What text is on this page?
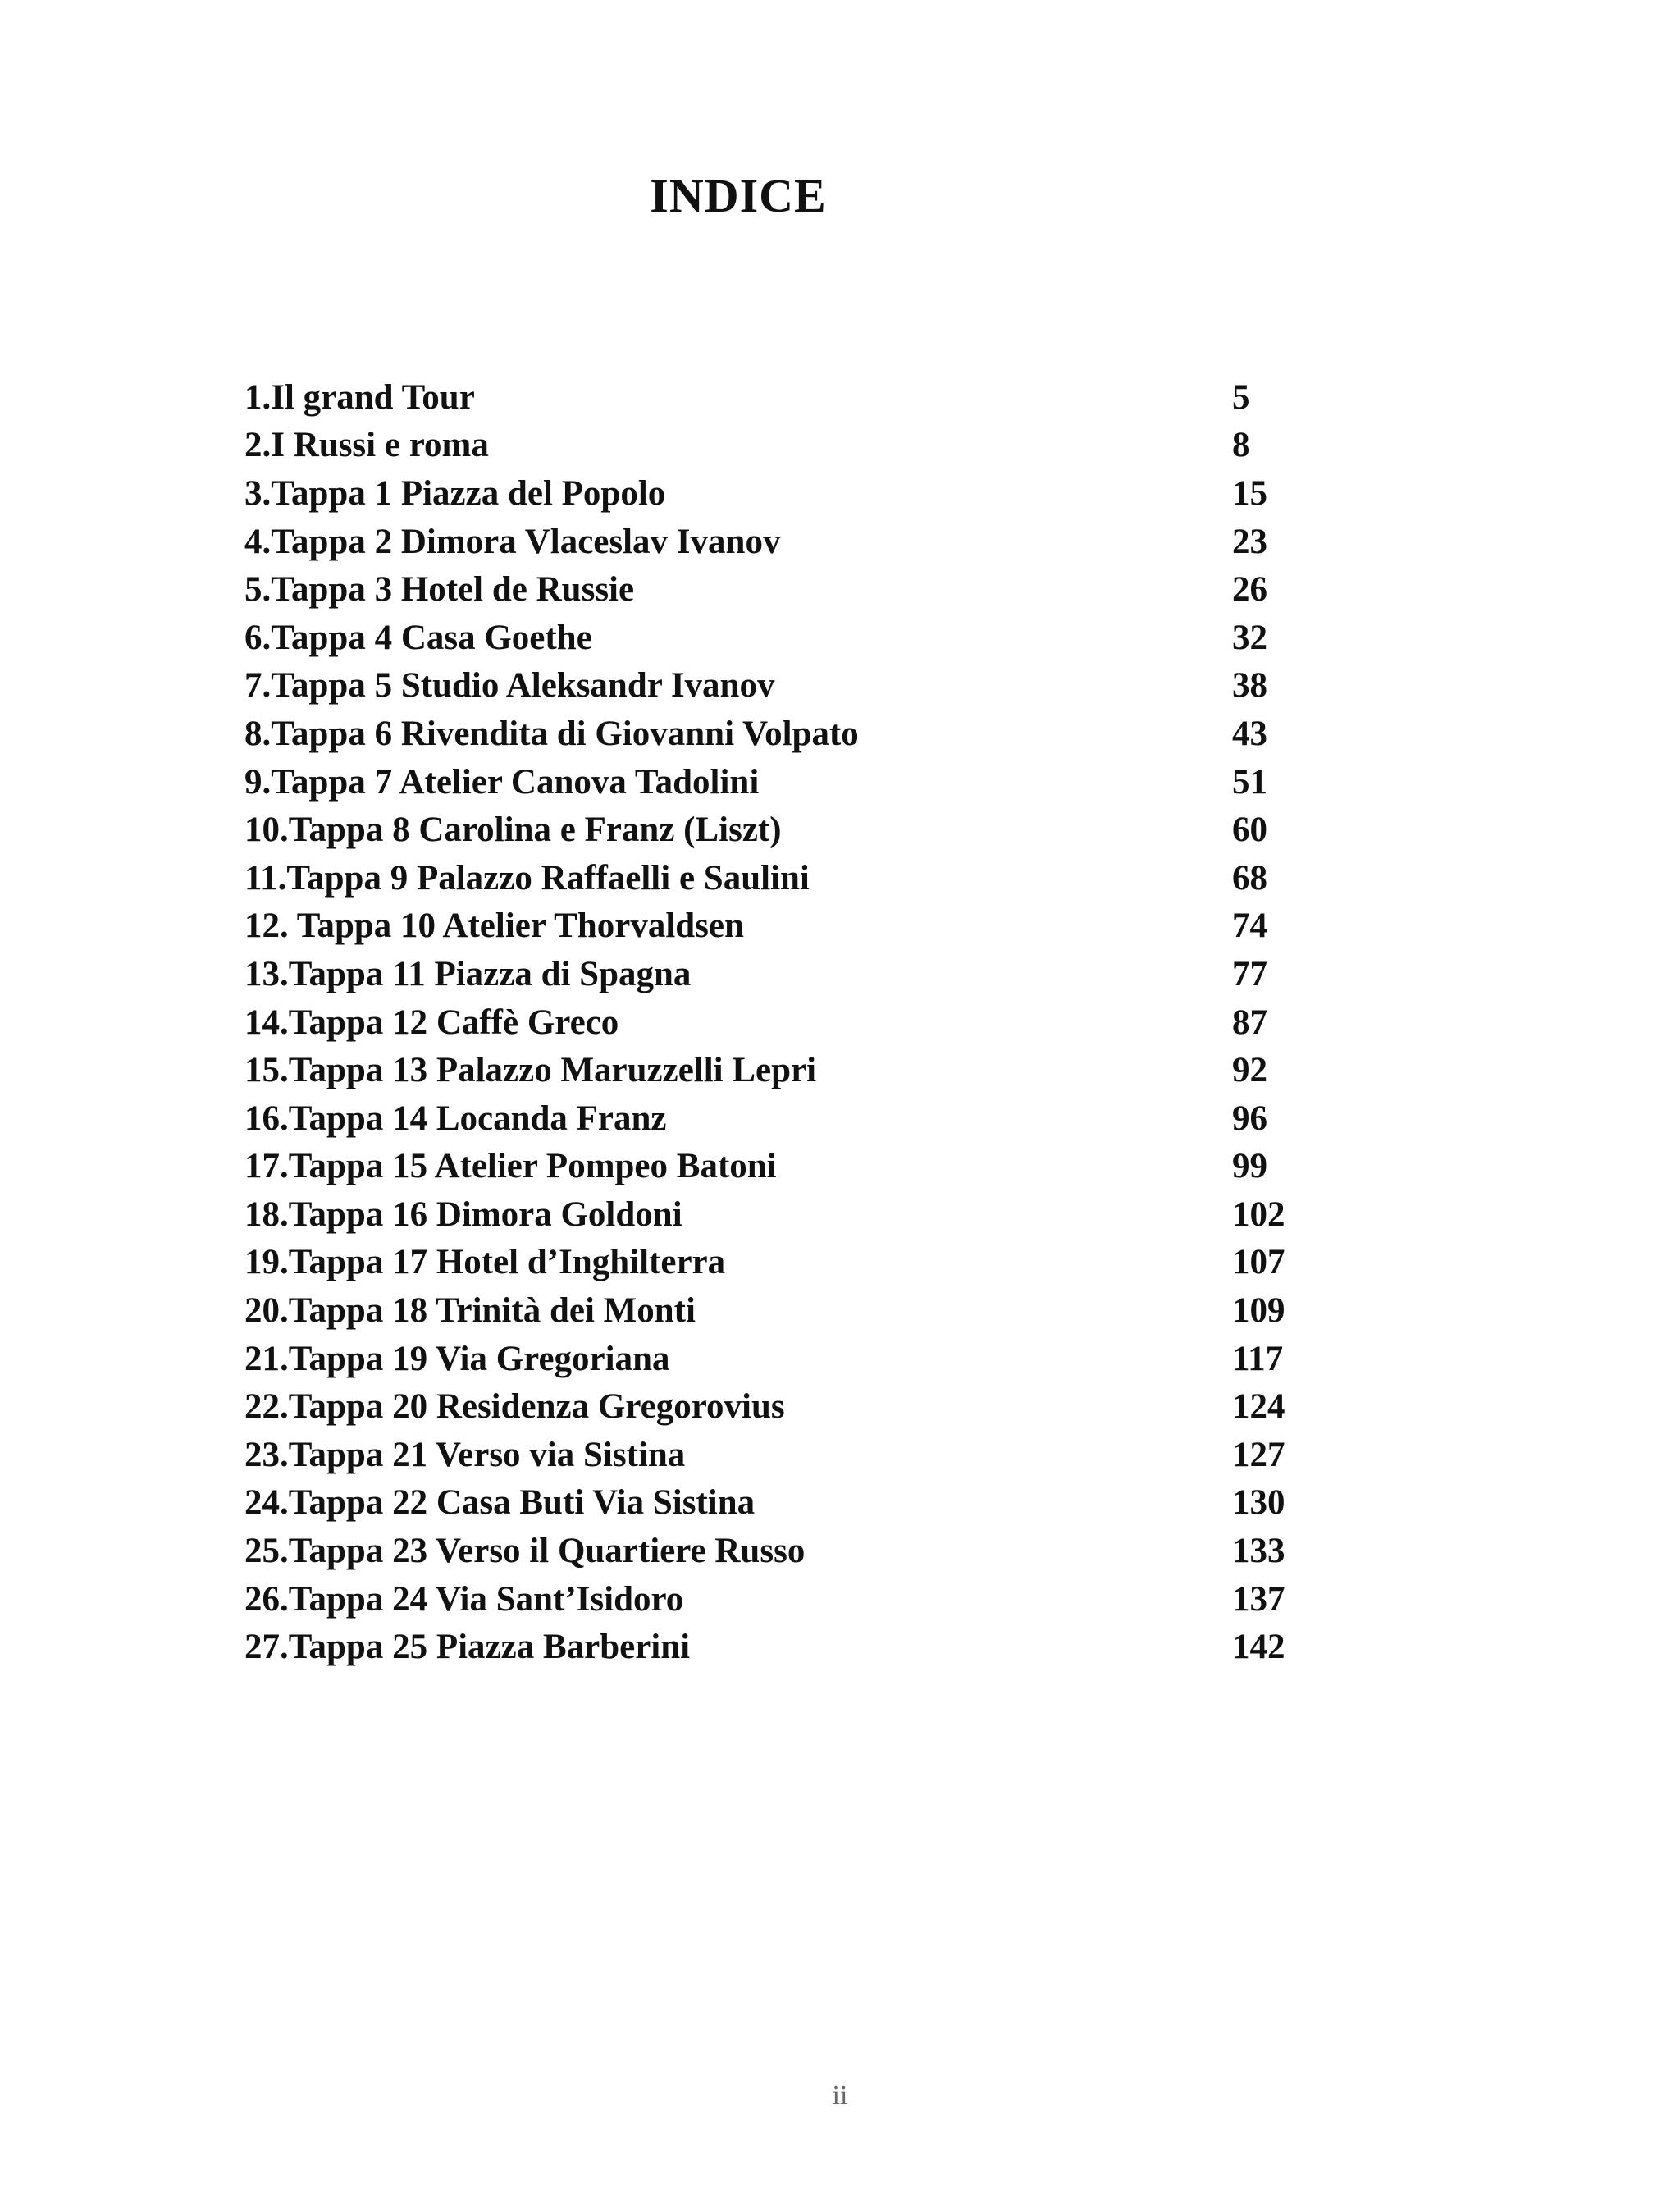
INDICE
1.Il grand Tour	5
2.I Russi e roma	8
3.Tappa 1 Piazza del Popolo	15
4.Tappa 2 Dimora Vlaceslav Ivanov	23
5.Tappa 3 Hotel de Russie	26
6.Tappa 4 Casa Goethe	32
7.Tappa 5 Studio Aleksandr Ivanov	38
8.Tappa 6 Rivendita di Giovanni Volpato	43
9.Tappa 7 Atelier Canova Tadolini	51
10.Tappa 8 Carolina e Franz (Liszt)	60
11.Tappa 9 Palazzo Raffaelli e Saulini	68
12. Tappa 10 Atelier Thorvaldsen	74
13.Tappa 11 Piazza di Spagna	77
14.Tappa 12 Caffè Greco	87
15.Tappa 13 Palazzo Maruzzelli Lepri	92
16.Tappa 14 Locanda Franz	96
17.Tappa 15 Atelier Pompeo Batoni	99
18.Tappa 16 Dimora Goldoni	102
19.Tappa 17 Hotel d’Inghilterra	107
20.Tappa 18 Trinità dei Monti	109
21.Tappa 19 Via Gregoriana	117
22.Tappa 20 Residenza Gregorovius	124
23.Tappa 21 Verso via Sistina	127
24.Tappa 22 Casa Buti Via Sistina	130
25.Tappa 23 Verso il Quartiere Russo	133
26.Tappa 24 Via Sant’Isidoro	137
27.Tappa 25 Piazza Barberini	142
ii
